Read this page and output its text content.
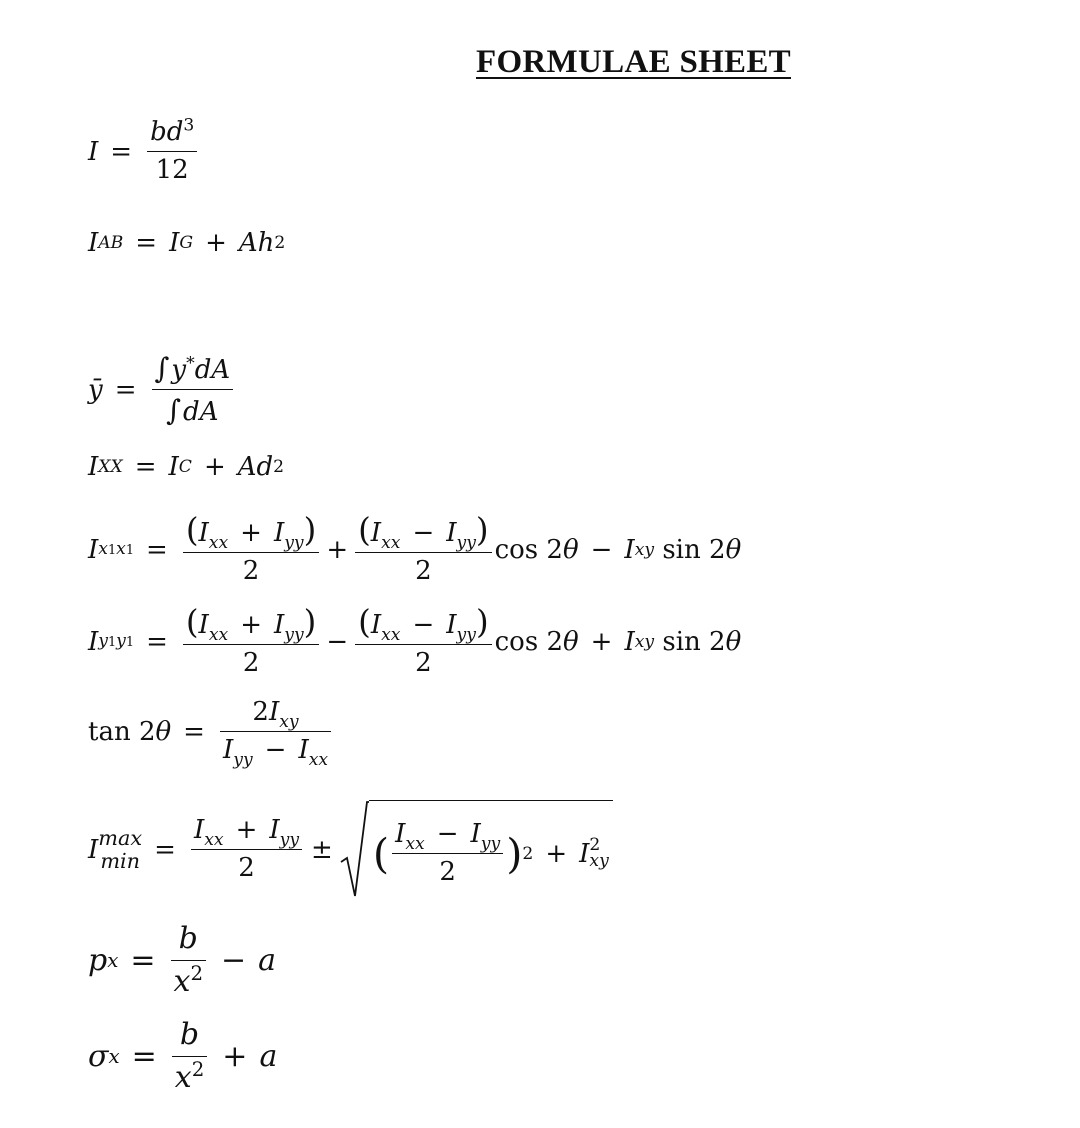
FORMULAE SHEET
$I = \frac{bd^3}{12}$
I AB = I G + A h 2
ȳ = $\frac{\int y^*dA}{\int dA}$
I XX = I C + A d 2
I $x1x1 = \frac{(I_{xx} + I_{yy})}{2} + \frac{(I_{xx} - I_{yy})}{2}$ cos
2 θ − I xy
sin
2 θ
I $y1y1 = \frac{(I_{xx} + I_{yy})}{2} - \frac{(I_{xx} - I_{yy})}{2}$ cos
2 θ + I xy
sin
2 θ
tan
2 $\theta = \frac{2I_{xy}}{I_{yy} - I_{xx}}$
I max
$\min = \frac{I_{xx} + I_{yy}}{2}$ ± ( $\frac{I_{xx} - I_{yy}}{2}$ ) 2 + I 2
xy
p $x = \frac{b}{x^2} - a$
σ $x = \frac{b}{x^2} + a$
